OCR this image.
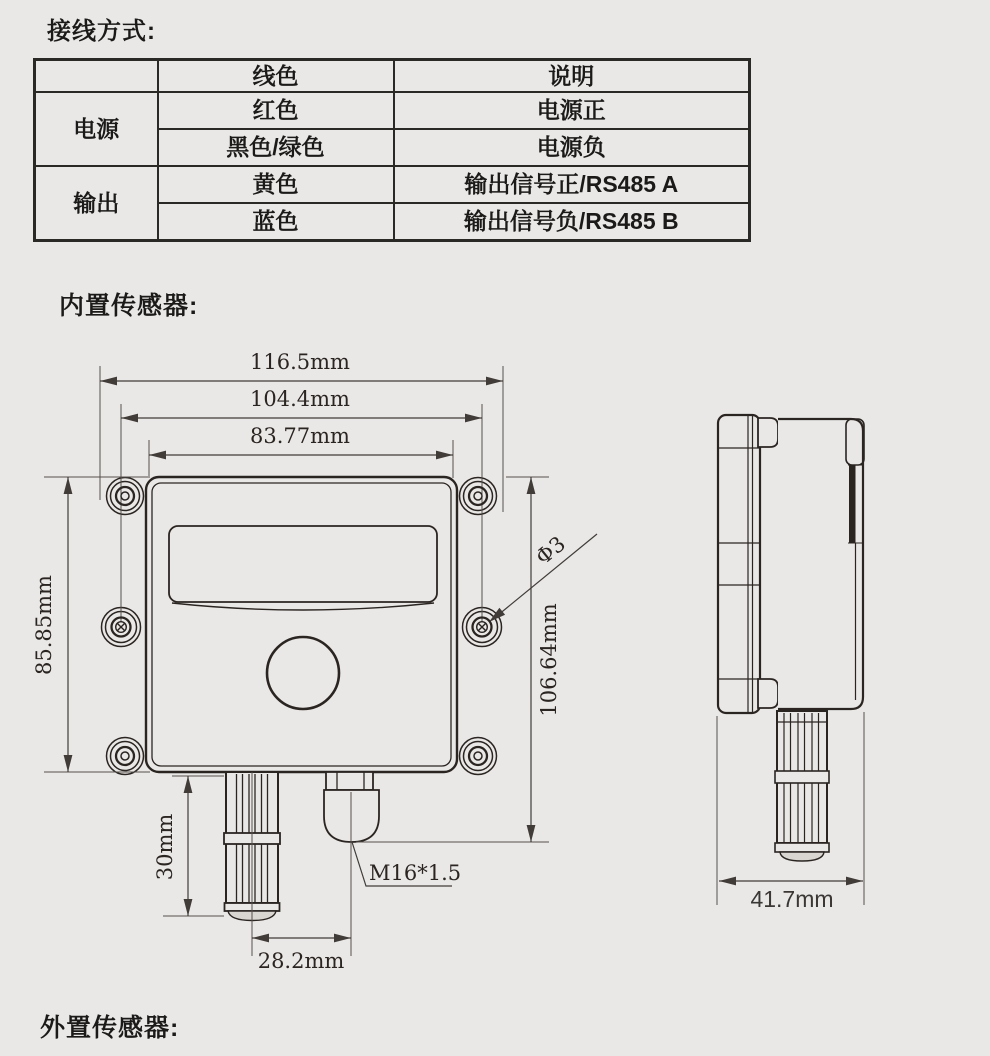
接线方式:
	线色	说明
电源	红色	电源正
	黑色/绿色	电源负
输出	黄色	输出信号正/RS485 A
	蓝色	输出信号负/RS485 B
内置传感器:
外置传感器:
116.5mm
104.4mm
83.77mm
85.85mm	106.64mm
30mm
28.2mm
M16*1.5
Φ3
41.7mm
